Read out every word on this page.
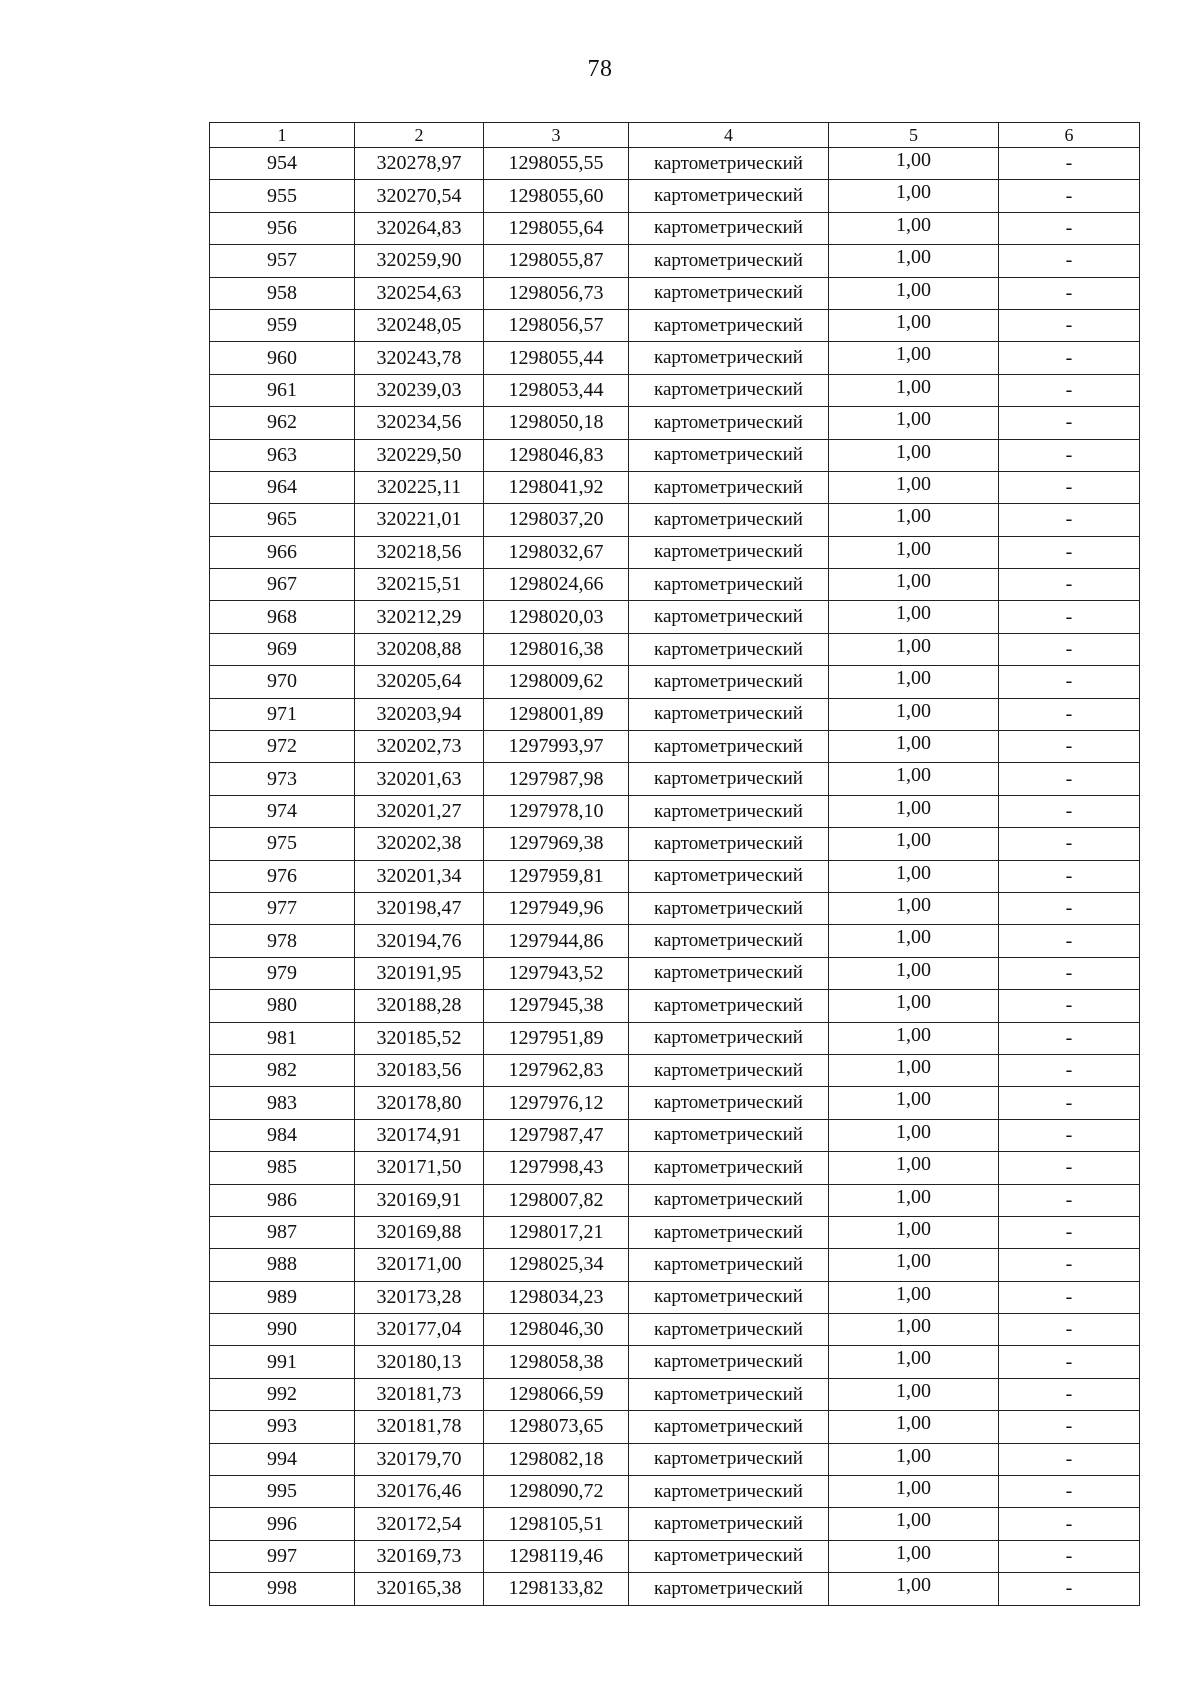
78
1	2	3	4	5	6
954	320278,97	1298055,55	картометрический	1,00	-
955	320270,54	1298055,60	картометрический	1,00	-
956	320264,83	1298055,64	картометрический	1,00	-
957	320259,90	1298055,87	картометрический	1,00	-
958	320254,63	1298056,73	картометрический	1,00	-
959	320248,05	1298056,57	картометрический	1,00	-
960	320243,78	1298055,44	картометрический	1,00	-
961	320239,03	1298053,44	картометрический	1,00	-
962	320234,56	1298050,18	картометрический	1,00	-
963	320229,50	1298046,83	картометрический	1,00	-
964	320225,11	1298041,92	картометрический	1,00	-
965	320221,01	1298037,20	картометрический	1,00	-
966	320218,56	1298032,67	картометрический	1,00	-
967	320215,51	1298024,66	картометрический	1,00	-
968	320212,29	1298020,03	картометрический	1,00	-
969	320208,88	1298016,38	картометрический	1,00	-
970	320205,64	1298009,62	картометрический	1,00	-
971	320203,94	1298001,89	картометрический	1,00	-
972	320202,73	1297993,97	картометрический	1,00	-
973	320201,63	1297987,98	картометрический	1,00	-
974	320201,27	1297978,10	картометрический	1,00	-
975	320202,38	1297969,38	картометрический	1,00	-
976	320201,34	1297959,81	картометрический	1,00	-
977	320198,47	1297949,96	картометрический	1,00	-
978	320194,76	1297944,86	картометрический	1,00	-
979	320191,95	1297943,52	картометрический	1,00	-
980	320188,28	1297945,38	картометрический	1,00	-
981	320185,52	1297951,89	картометрический	1,00	-
982	320183,56	1297962,83	картометрический	1,00	-
983	320178,80	1297976,12	картометрический	1,00	-
984	320174,91	1297987,47	картометрический	1,00	-
985	320171,50	1297998,43	картометрический	1,00	-
986	320169,91	1298007,82	картометрический	1,00	-
987	320169,88	1298017,21	картометрический	1,00	-
988	320171,00	1298025,34	картометрический	1,00	-
989	320173,28	1298034,23	картометрический	1,00	-
990	320177,04	1298046,30	картометрический	1,00	-
991	320180,13	1298058,38	картометрический	1,00	-
992	320181,73	1298066,59	картометрический	1,00	-
993	320181,78	1298073,65	картометрический	1,00	-
994	320179,70	1298082,18	картометрический	1,00	-
995	320176,46	1298090,72	картометрический	1,00	-
996	320172,54	1298105,51	картометрический	1,00	-
997	320169,73	1298119,46	картометрический	1,00	-
998	320165,38	1298133,82	картометрический	1,00	-
